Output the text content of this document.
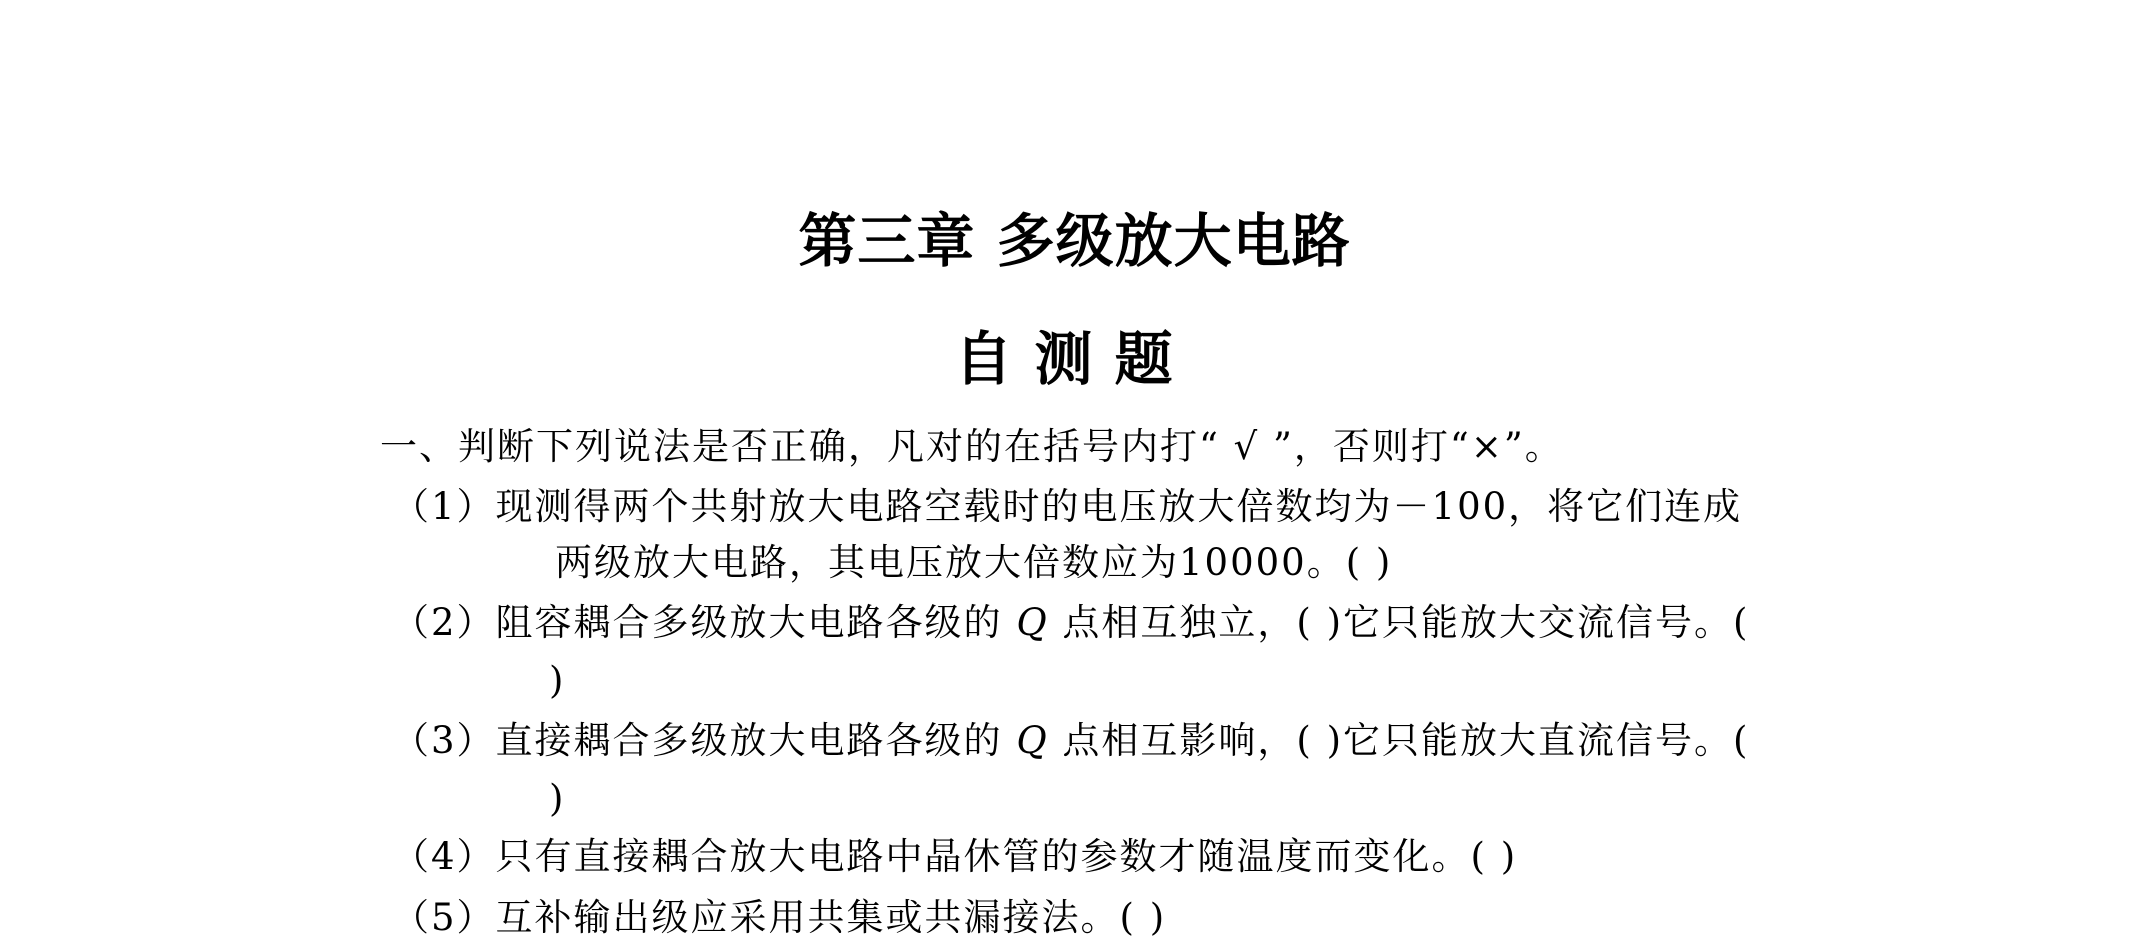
第三章 多级放大电路
自测题
一、判断下列说法是否正确，凡对的在括号内打“ √ ”，否则打“×”。
（1）现测得两个共射放大电路空载时的电压放大倍数均为－100，将它们连成
两级放大电路，其电压放大倍数应为10000。( )
（2）阻容耦合多级放大电路各级的 Q 点相互独立，( )它只能放大交流信号。(
)
（3）直接耦合多级放大电路各级的 Q 点相互影响，( )它只能放大直流信号。(
)
（4）只有直接耦合放大电路中晶休管的参数才随温度而变化。( )
（5）互补输出级应采用共集或共漏接法。( )
